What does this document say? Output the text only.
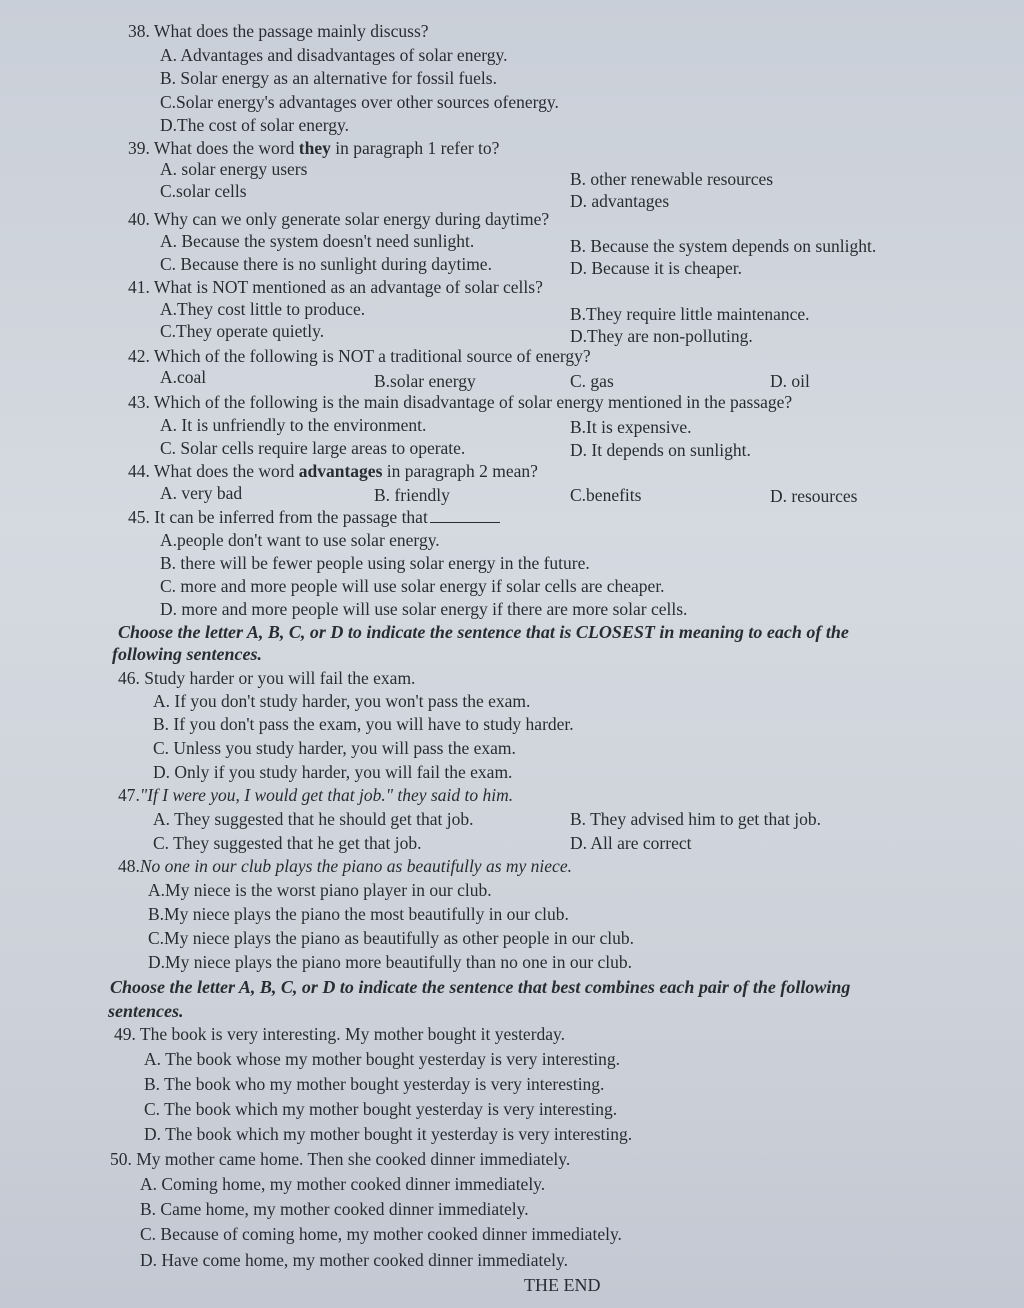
38. What does the passage mainly discuss?
A. Advantages and disadvantages of solar energy.
B. Solar energy as an alternative for fossil fuels.
C.Solar energy's advantages over other sources ofenergy.
D.The cost of solar energy.
39. What does the word they in paragraph 1 refer to?
A. solar energy users	B. other renewable resources
C.solar cells	D. advantages
40. Why can we only generate solar energy during daytime?
A. Because the system doesn't need sunlight.	B. Because the system depends on sunlight.
C. Because there is no sunlight during daytime.	D. Because it is cheaper.
41. What is NOT mentioned as an advantage of solar cells?
A.They cost little to produce.	B.They require little maintenance.
C.They operate quietly.	D.They are non-polluting.
42. Which of the following is NOT a traditional source of energy?
A.coal	B.solar energy	C. gas	D. oil
43. Which of the following is the main disadvantage of solar energy mentioned in the passage?
A. It is unfriendly to the environment.	B.It is expensive.
C. Solar cells require large areas to operate.	D. It depends on sunlight.
44. What does the word advantages in paragraph 2 mean?
A. very bad	B. friendly	C.benefits	D. resources
45. It can be inferred from the passage that
A.people don't want to use solar energy.
B. there will be fewer people using solar energy in the future.
C. more and more people will use solar energy if solar cells are cheaper.
D. more and more people will use solar energy if there are more solar cells.
Choose the letter A, B, C, or D to indicate the sentence that is CLOSEST in meaning to each of the
following sentences.
46. Study harder or you will fail the exam.
A. If you don't study harder, you won't pass the exam.
B. If you don't pass the exam, you will have to study harder.
C. Unless you study harder, you will pass the exam.
D. Only if you study harder, you will fail the exam.
47."If I were you, I would get that job." they said to him.
A. They suggested that he should get that job.	B. They advised him to get that job.
C. They suggested that he get that job.	D. All are correct
48.No one in our club plays the piano as beautifully as my niece.
A.My niece is the worst piano player in our club.
B.My niece plays the piano the most beautifully in our club.
C.My niece plays the piano as beautifully as other people in our club.
D.My niece plays the piano more beautifully than no one in our club.
Choose the letter A, B, C, or D to indicate the sentence that best combines each pair of the following
sentences.
49. The book is very interesting. My mother bought it yesterday.
A. The book whose my mother bought yesterday is very interesting.
B. The book who my mother bought yesterday is very interesting.
C. The book which my mother bought yesterday is very interesting.
D. The book which my mother bought it yesterday is very interesting.
50. My mother came home. Then she cooked dinner immediately.
A. Coming home, my mother cooked dinner immediately.
B. Came home, my mother cooked dinner immediately.
C. Because of coming home, my mother cooked dinner immediately.
D. Have come home, my mother cooked dinner immediately.
THE END
